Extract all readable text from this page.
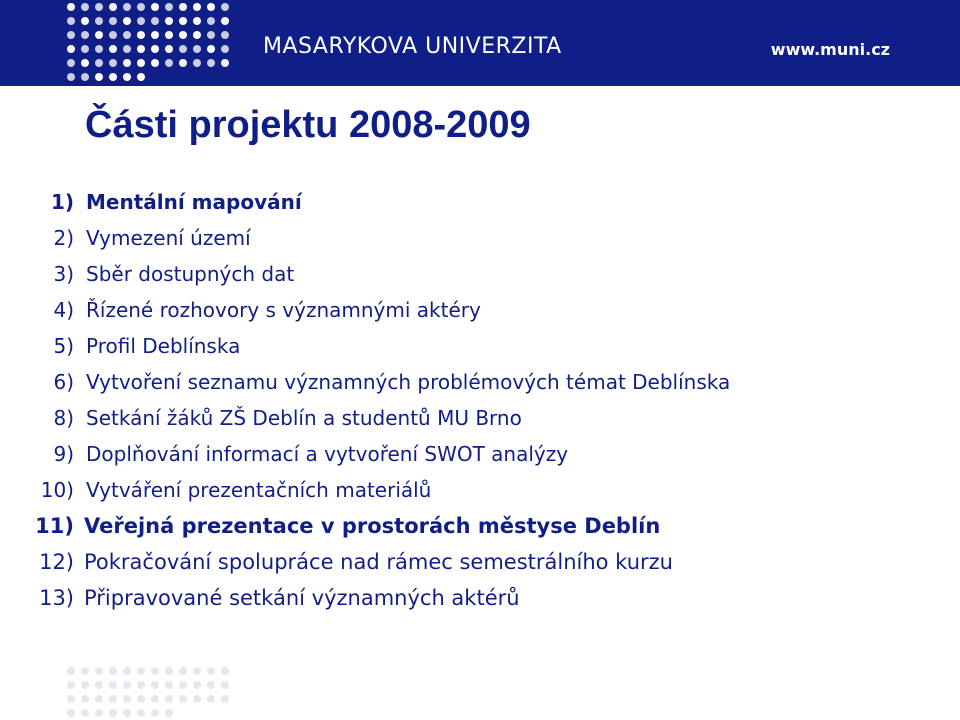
MASARYKOVA UNIVERZITA	www.muni.cz
Části projektu 2008-2009
1) Mentální mapování
2) Vymezení území
3) Sběr dostupných dat
4) Řízené rozhovory s významnými aktéry
5) Profil Deblínska
6) Vytvoření seznamu významných problémových témat Deblínska
8) Setkání žáků ZŠ Deblín a studentů MU Brno
9) Doplňování informací a vytvoření SWOT analýzy
10) Vytváření prezentačních materiálů
11) Veřejná prezentace v prostorách městyse Deblín
12) Pokračování spolupráce nad rámec semestrálního kurzu
13) Připravované setkání významných aktérů
